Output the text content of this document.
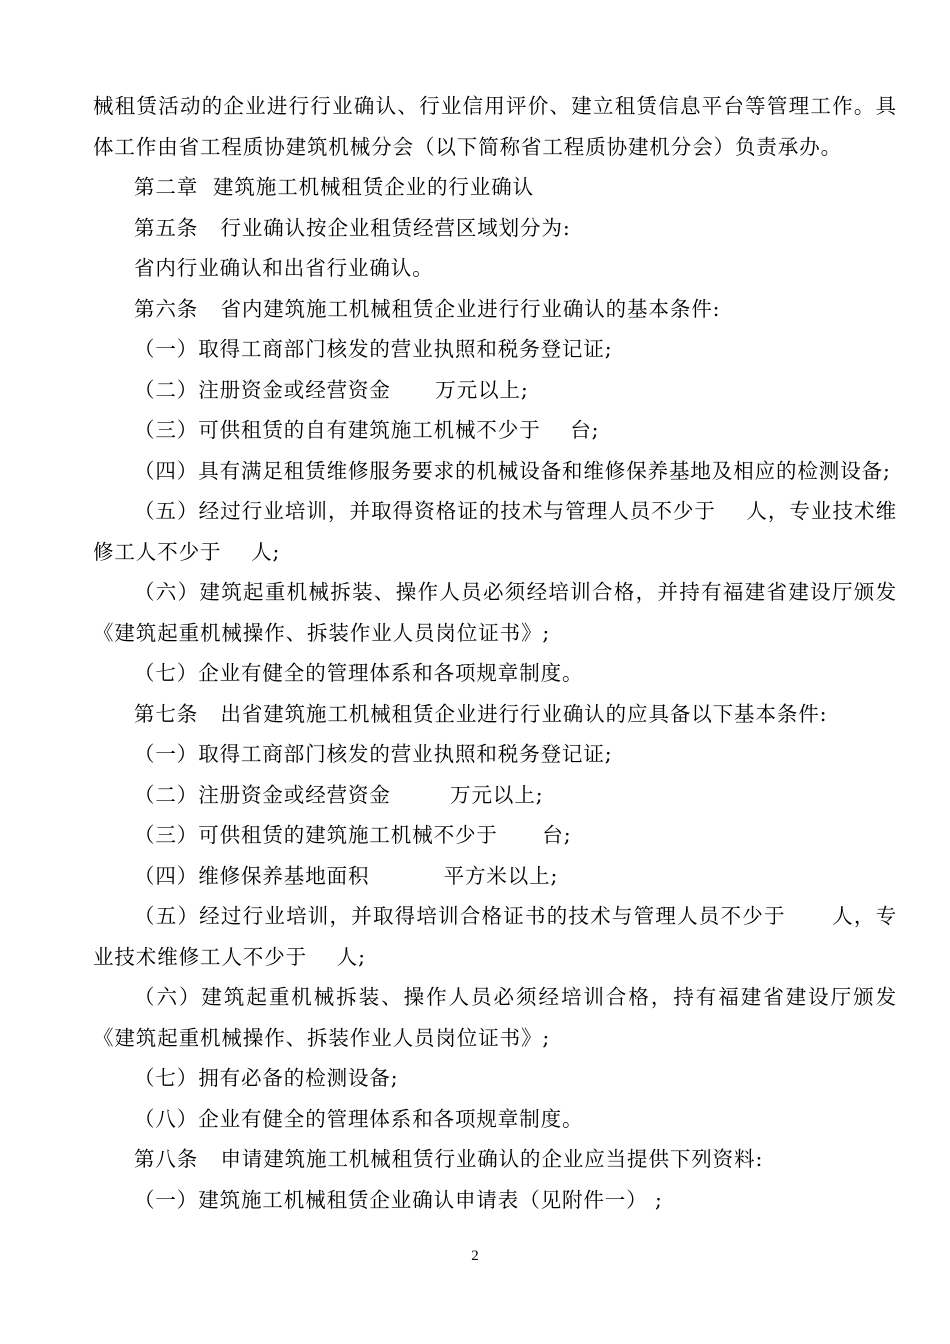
械租赁活动的企业进行行业确认、行业信用评价、建立租赁信息平台等管理工作。具体工作由省工程质协建筑机械分会（以下简称省工程质协建机分会）负责承办。

第二章  建筑施工机械租赁企业的行业确认

第五条   行业确认按企业租赁经营区域划分为:

省内行业确认和出省行业确认。

第六条   省内建筑施工机械租赁企业进行行业确认的基本条件:

（一）取得工商部门核发的营业执照和税务登记证;

（二）注册资金或经营资金      万元以上;

（三）可供租赁的自有建筑施工机械不少于    台;

（四）具有满足租赁维修服务要求的机械设备和维修保养基地及相应的检测设备;

（五）经过行业培训，并取得资格证的技术与管理人员不少于    人，专业技术维修工人不少于    人;

（六）建筑起重机械拆装、操作人员必须经培训合格，并持有福建省建设厅颁发《建筑起重机械操作、拆装作业人员岗位证书》;

（七）企业有健全的管理体系和各项规章制度。

第七条   出省建筑施工机械租赁企业进行行业确认的应具备以下基本条件:

（一）取得工商部门核发的营业执照和税务登记证;

（二）注册资金或经营资金        万元以上;

（三）可供租赁的建筑施工机械不少于      台;

（四）维修保养基地面积          平方米以上;

（五）经过行业培训，并取得培训合格证书的技术与管理人员不少于      人，专业技术维修工人不少于    人;

（六）建筑起重机械拆装、操作人员必须经培训合格，持有福建省建设厅颁发《建筑起重机械操作、拆装作业人员岗位证书》;

（七）拥有必备的检测设备;

（八）企业有健全的管理体系和各项规章制度。

第八条   申请建筑施工机械租赁行业确认的企业应当提供下列资料:

（一）建筑施工机械租赁企业确认申请表（见附件一） ;

2
